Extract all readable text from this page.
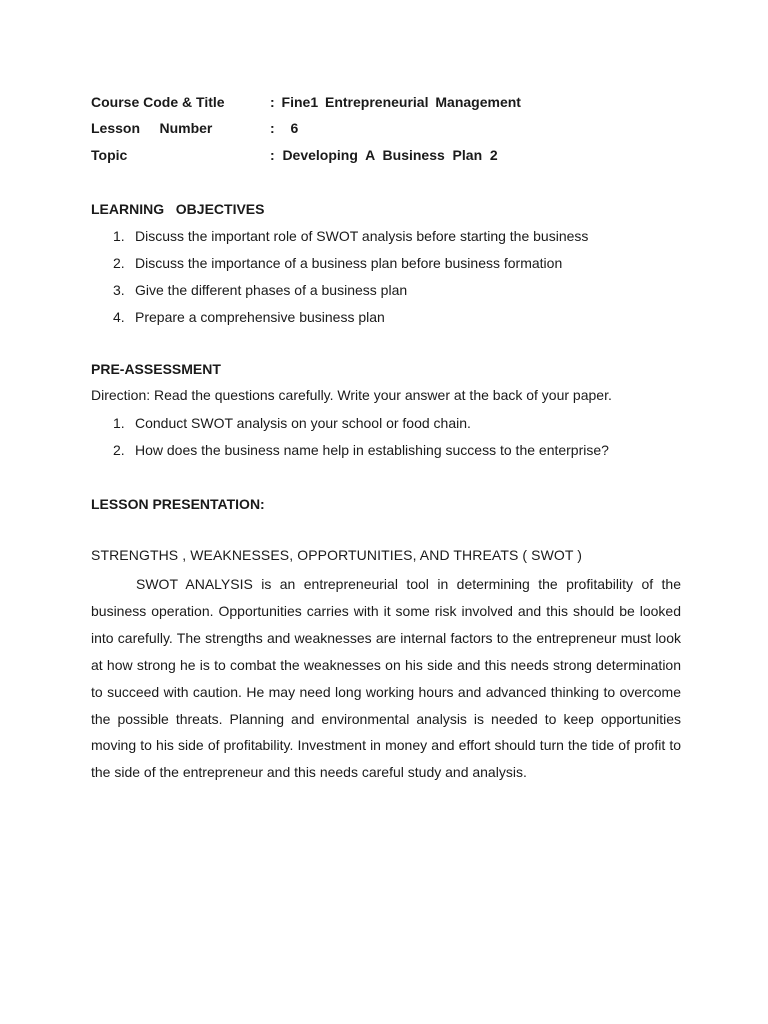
Course Code & Title	: Fine1 Entrepreneurial Management
Lesson     Number	:  6
Topic	:  Developing  A  Business  Plan  2
LEARNING   OBJECTIVES
1. Discuss the important role of SWOT analysis before starting the business
2. Discuss the importance of a business plan before business formation
3. Give the different phases of a business plan
4. Prepare a comprehensive business plan
PRE-ASSESSMENT
Direction: Read the questions carefully. Write your answer at the back of your paper.
1. Conduct SWOT analysis on your school or food chain.
2. How does the business name help in establishing success to the enterprise?
LESSON PRESENTATION:
STRENGTHS , WEAKNESSES, OPPORTUNITIES, AND THREATS ( SWOT )
SWOT ANALYSIS is an entrepreneurial tool in determining the profitability of the business operation. Opportunities carries with it some risk involved and this should be looked into carefully. The strengths and weaknesses are internal factors to the entrepreneur must look at how strong he is to combat the weaknesses on his side and this needs strong determination to succeed with caution. He may need long working hours and advanced thinking to overcome the possible threats. Planning and environmental analysis is needed to keep opportunities moving to his side of profitability. Investment in money and effort should turn the tide of profit to the side of the entrepreneur and this needs careful study and analysis.
